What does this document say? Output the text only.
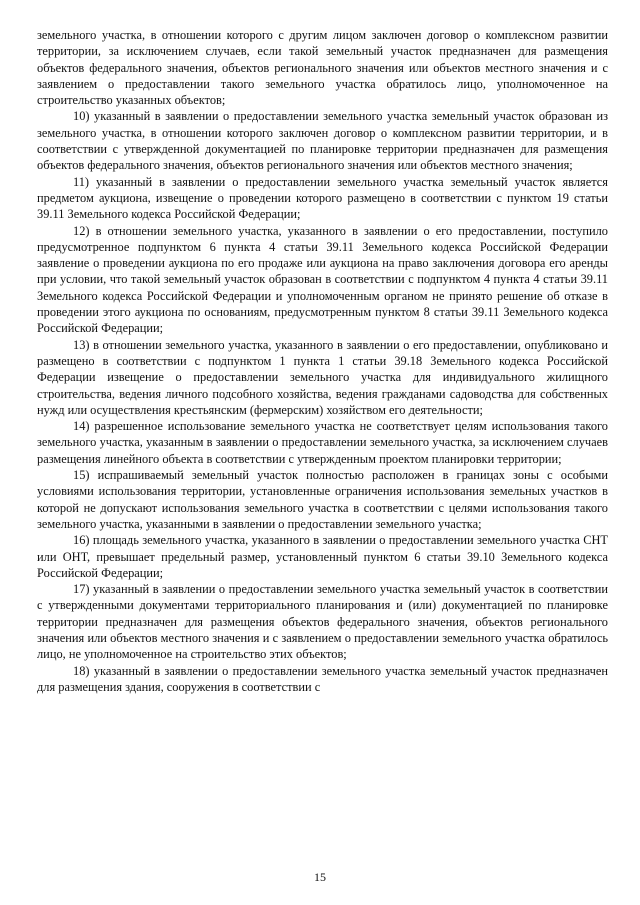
земельного участка, в отношении которого с другим лицом заключен договор о комплексном развитии территории, за исключением случаев, если такой земельный участок предназначен для размещения объектов федерального значения, объектов регионального значения или объектов местного значения и с заявлением о предоставлении такого земельного участка обратилось лицо, уполномоченное на строительство указанных объектов;

10) указанный в заявлении о предоставлении земельного участка земельный участок образован из земельного участка, в отношении которого заключен договор о комплексном развитии территории, и в соответствии с утвержденной документацией по планировке территории предназначен для размещения объектов федерального значения, объектов регионального значения или объектов местного значения;

11) указанный в заявлении о предоставлении земельного участка земельный участок является предметом аукциона, извещение о проведении которого размещено в соответствии с пунктом 19 статьи 39.11 Земельного кодекса Российской Федерации;

12) в отношении земельного участка, указанного в заявлении о его предоставлении, поступило предусмотренное подпунктом 6 пункта 4 статьи 39.11 Земельного кодекса Российской Федерации заявление о проведении аукциона по его продаже или аукциона на право заключения договора его аренды при условии, что такой земельный участок образован в соответствии с подпунктом 4 пункта 4 статьи 39.11 Земельного кодекса Российской Федерации и уполномоченным органом не принято решение об отказе в проведении этого аукциона по основаниям, предусмотренным пунктом 8 статьи 39.11 Земельного кодекса Российской Федерации;

13) в отношении земельного участка, указанного в заявлении о его предоставлении, опубликовано и размещено в соответствии с подпунктом 1 пункта 1 статьи 39.18 Земельного кодекса Российской Федерации извещение о предоставлении земельного участка для индивидуального жилищного строительства, ведения личного подсобного хозяйства, ведения гражданами садоводства для собственных нужд или осуществления крестьянским (фермерским) хозяйством его деятельности;

14) разрешенное использование земельного участка не соответствует целям использования такого земельного участка, указанным в заявлении о предоставлении земельного участка, за исключением случаев размещения линейного объекта в соответствии с утвержденным проектом планировки территории;

15) испрашиваемый земельный участок полностью расположен в границах зоны с особыми условиями использования территории, установленные ограничения использования земельных участков в которой не допускают использования земельного участка в соответствии с целями использования такого земельного участка, указанными в заявлении о предоставлении земельного участка;

16) площадь земельного участка, указанного в заявлении о предоставлении земельного участка СНТ или ОНТ, превышает предельный размер, установленный пунктом 6 статьи 39.10 Земельного кодекса Российской Федерации;

17) указанный в заявлении о предоставлении земельного участка земельный участок в соответствии с утвержденными документами территориального планирования и (или) документацией по планировке территории предназначен для размещения объектов федерального значения, объектов регионального значения или объектов местного значения и с заявлением о предоставлении земельного участка обратилось лицо, не уполномоченное на строительство этих объектов;

18) указанный в заявлении о предоставлении земельного участка земельный участок предназначен для размещения здания, сооружения в соответствии с

15
